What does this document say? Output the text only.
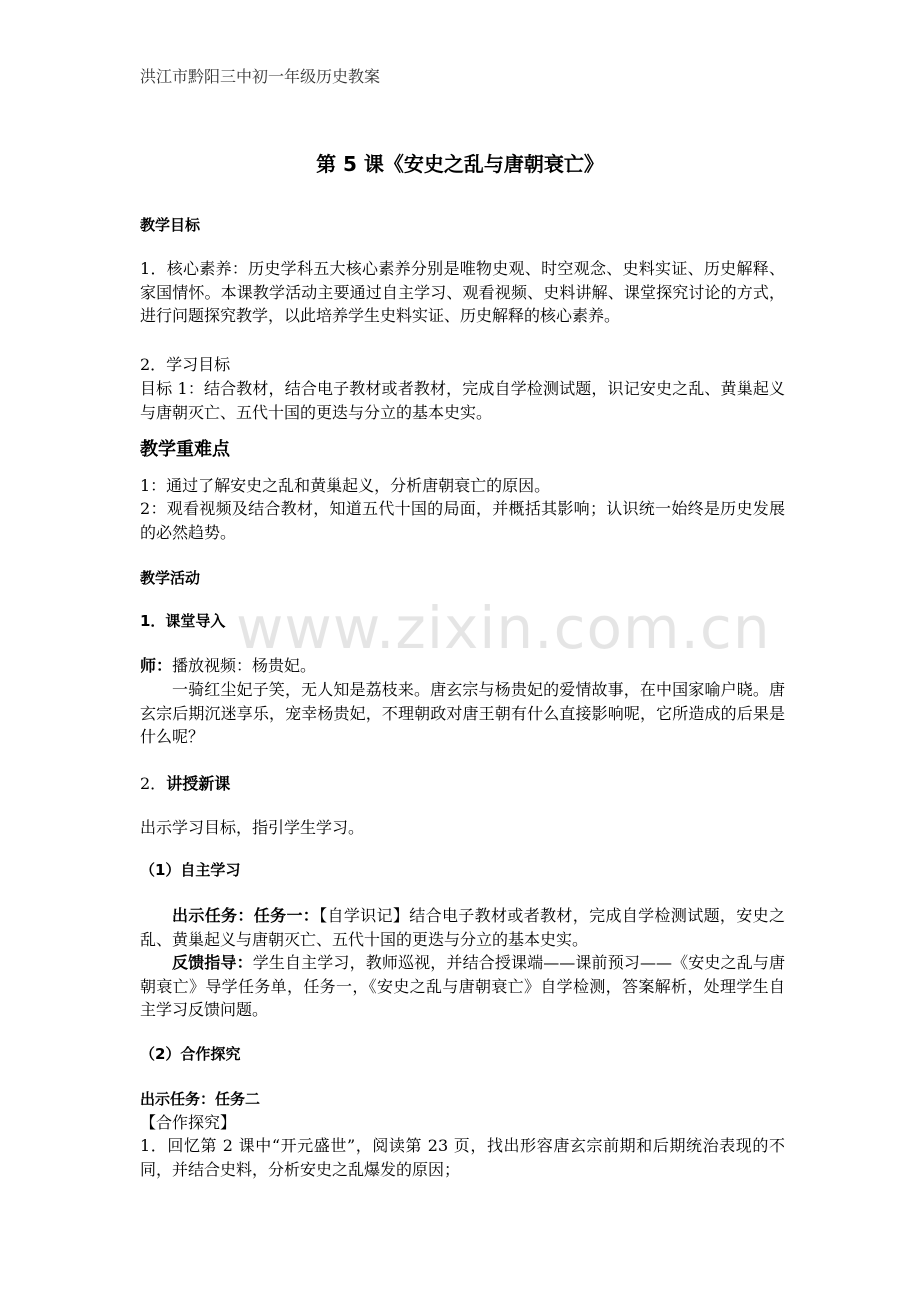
洪江市黔阳三中初一年级历史教案
第 5 课《安史之乱与唐朝衰亡》
www.zixin.com.cn
教学目标
1．核心素养：历史学科五大核心素养分别是唯物史观、时空观念、史料实证、历史解释、家国情怀。本课教学活动主要通过自主学习、观看视频、史料讲解、课堂探究讨论的方式，进行问题探究教学，以此培养学生史料实证、历史解释的核心素养。
2．学习目标
目标 1：结合教材，结合电子教材或者教材，完成自学检测试题，识记安史之乱、黄巢起义与唐朝灭亡、五代十国的更迭与分立的基本史实。
教学重难点
1：通过了解安史之乱和黄巢起义，分析唐朝衰亡的原因。
2：观看视频及结合教材，知道五代十国的局面，并概括其影响；认识统一始终是历史发展的必然趋势。
教学活动
1．课堂导入
师：播放视频：杨贵妃。
一骑红尘妃子笑，无人知是荔枝来。唐玄宗与杨贵妃的爱情故事，在中国家喻户晓。唐玄宗后期沉迷享乐，宠幸杨贵妃，不理朝政对唐王朝有什么直接影响呢，它所造成的后果是什么呢？
2．讲授新课
出示学习目标，指引学生学习。
（1）自主学习
出示任务：任务一：【自学识记】结合电子教材或者教材，完成自学检测试题，安史之乱、黄巢起义与唐朝灭亡、五代十国的更迭与分立的基本史实。
反馈指导：学生自主学习，教师巡视，并结合授课端——课前预习——《安史之乱与唐朝衰亡》导学任务单，任务一，《安史之乱与唐朝衰亡》自学检测，答案解析，处理学生自主学习反馈问题。
（2）合作探究
出示任务：任务二
【合作探究】
1．回忆第 2 课中“开元盛世”，阅读第 23 页，找出形容唐玄宗前期和后期统治表现的不同，并结合史料，分析安史之乱爆发的原因；
